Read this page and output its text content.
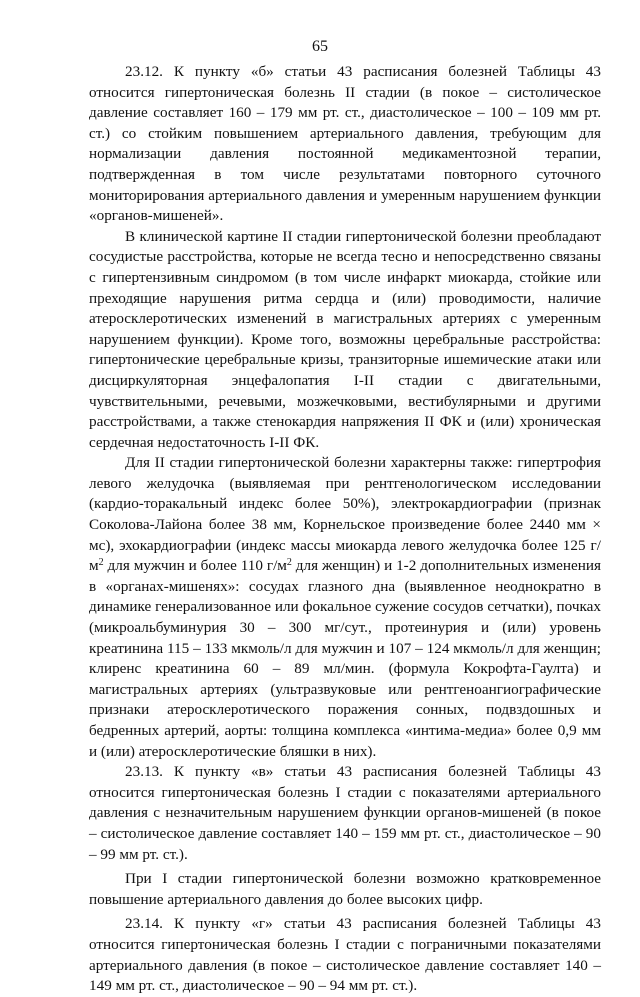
65

23.12. К пункту «б» статьи 43 расписания болезней Таблицы 43 относится гипертоническая болезнь II стадии (в покое – систолическое давление составляет 160 – 179 мм рт. ст., диастолическое – 100 – 109 мм рт. ст.) со стойким повышением артериального давления, требующим для нормализации давления постоянной медикаментозной терапии, подтвержденная в том числе результатами повторного суточного мониторирования артериального давления и умеренным нарушением функции «органов-мишеней».

В клинической картине II стадии гипертонической болезни преобладают сосудистые расстройства, которые не всегда тесно и непосредственно связаны с гипертензивным синдромом (в том числе инфаркт миокарда, стойкие или преходящие нарушения ритма сердца и (или) проводимости, наличие атеросклеротических изменений в магистральных артериях с умеренным нарушением функции). Кроме того, возможны церебральные расстройства: гипертонические церебральные кризы, транзиторные ишемические атаки или дисциркуляторная энцефалопатия I-II стадии с двигательными, чувствительными, речевыми, мозжечковыми, вестибулярными и другими расстройствами, а также стенокардия напряжения II ФК и (или) хроническая сердечная недостаточность I-II ФК.

Для II стадии гипертонической болезни характерны также: гипертрофия левого желудочка (выявляемая при рентгенологическом исследовании (кардио-торакальный индекс более 50%), электрокардиографии (признак Соколова-Лайона более 38 мм, Корнельское произведение более 2440 мм × мс), эхокардиографии (индекс массы миокарда левого желудочка более 125 $г/м^2$ для мужчин и более 110 $г/м^2$ для женщин) и 1-2 дополнительных изменения в «органах-мишенях»: сосудах глазного дна (выявленное неоднократно в динамике генерализованное или фокальное сужение сосудов сетчатки), почках (микроальбуминурия 30 – 300 мг/сут., протеинурия и (или) уровень креатинина 115 – 133 мкмоль/л для мужчин и 107 – 124 мкмоль/л для женщин; клиренс креатинина 60 – 89 мл/мин. (формула Кокрофта-Гаулта) и магистральных артериях (ультразвуковые или рентгеноангиографические признаки атеросклеротического поражения сонных, подвздошных и бедренных артерий, аорты: толщина комплекса «интима-медиа» более 0,9 мм и (или) атеросклеротические бляшки в них).

23.13. К пункту «в» статьи 43 расписания болезней Таблицы 43 относится гипертоническая болезнь I стадии с показателями артериального давления с незначительным нарушением функции органов-мишеней (в покое – систолическое давление составляет 140 – 159 мм рт. ст., диастолическое – 90 – 99 мм рт. ст.).

При I стадии гипертонической болезни возможно кратковременное повышение артериального давления до более высоких цифр.

23.14. К пункту «г» статьи 43 расписания болезней Таблицы 43 относится гипертоническая болезнь I стадии с пограничными показателями артериального давления (в покое – систолическое давление составляет 140 – 149 мм рт. ст., диастолическое – 90 – 94 мм рт. ст.).
